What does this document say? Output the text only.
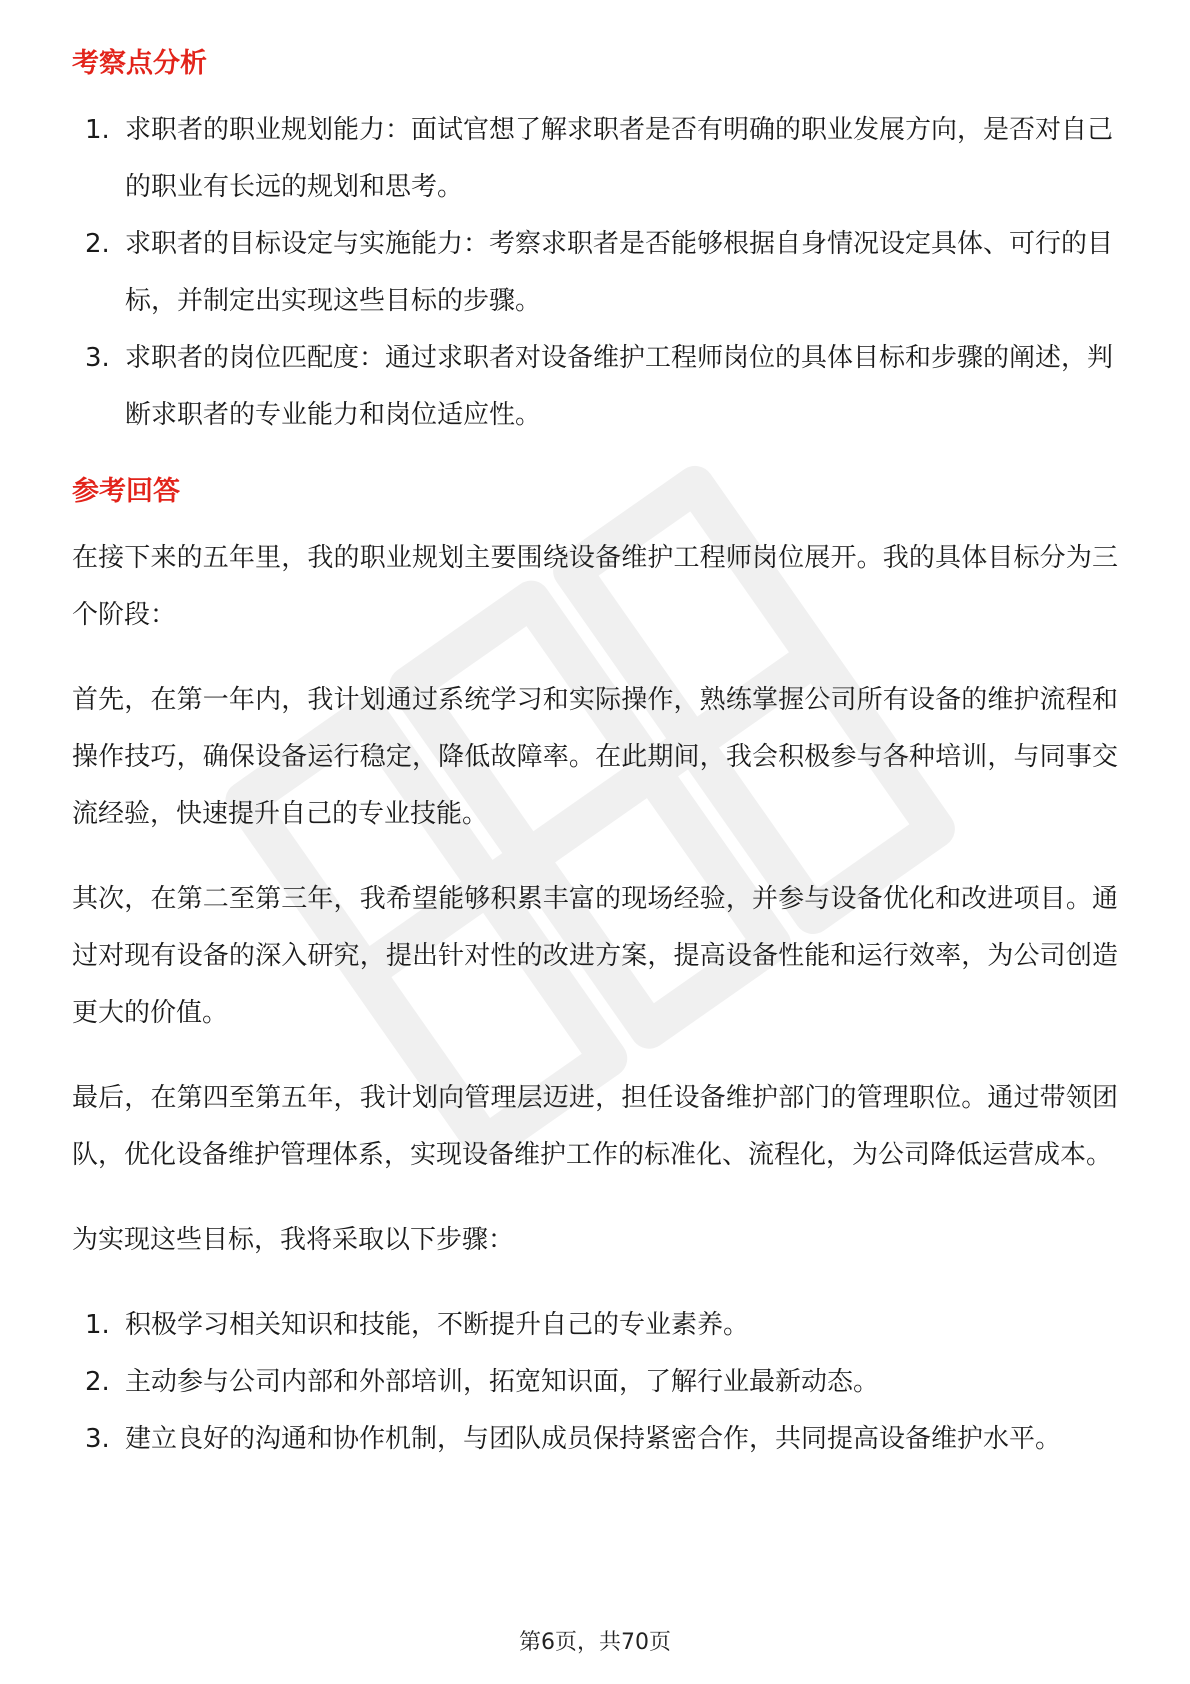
考察点分析
1. 求职者的职业规划能力：面试官想了解求职者是否有明确的职业发展方向，是否对自己的职业有长远的规划和思考。
2. 求职者的目标设定与实施能力：考察求职者是否能够根据自身情况设定具体、可行的目标，并制定出实现这些目标的步骤。
3. 求职者的岗位匹配度：通过求职者对设备维护工程师岗位的具体目标和步骤的阐述，判断求职者的专业能力和岗位适应性。
参考回答

在接下来的五年里，我的职业规划主要围绕设备维护工程师岗位展开。我的具体目标分为三个阶段：

首先，在第一年内，我计划通过系统学习和实际操作，熟练掌握公司所有设备的维护流程和操作技巧，确保设备运行稳定，降低故障率。在此期间，我会积极参与各种培训，与同事交流经验，快速提升自己的专业技能。

其次，在第二至第三年，我希望能够积累丰富的现场经验，并参与设备优化和改进项目。通过对现有设备的深入研究，提出针对性的改进方案，提高设备性能和运行效率，为公司创造更大的价值。

最后，在第四至第五年，我计划向管理层迈进，担任设备维护部门的管理职位。通过带领团队，优化设备维护管理体系，实现设备维护工作的标准化、流程化，为公司降低运营成本。

为实现这些目标，我将采取以下步骤：

1. 积极学习相关知识和技能，不断提升自己的专业素养。
2. 主动参与公司内部和外部培训，拓宽知识面，了解行业最新动态。
3. 建立良好的沟通和协作机制，与团队成员保持紧密合作，共同提高设备维护水平。
第6页，共70页
